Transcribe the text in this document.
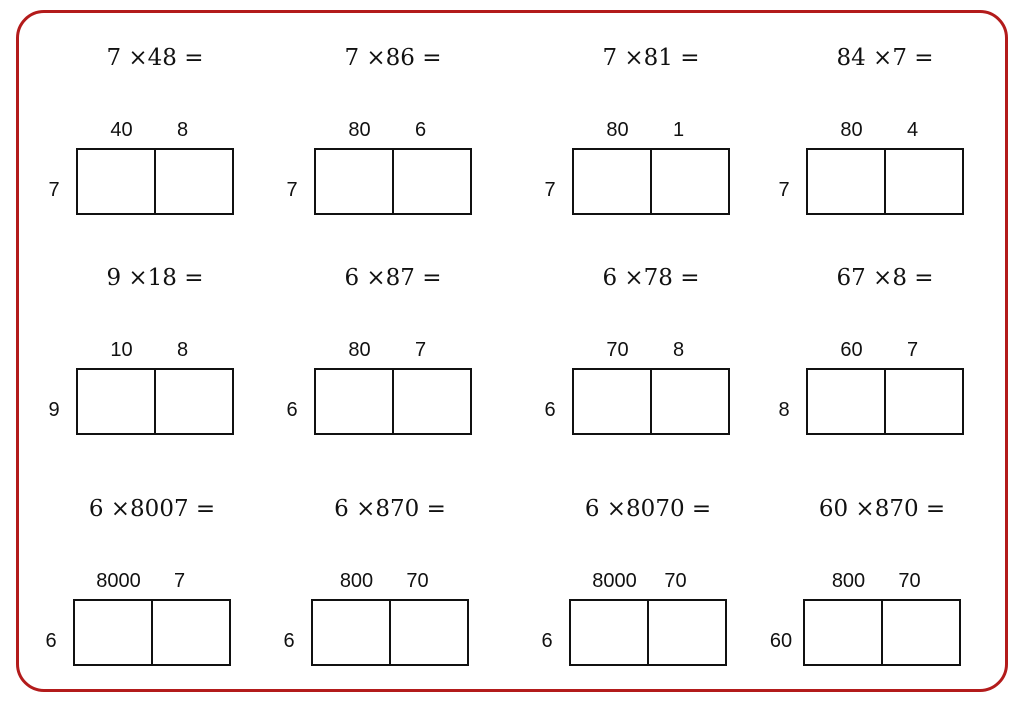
7 ×48 =
40	8
7
7 ×86 =
80	6
7
7 ×81 =
80	1
7
84 ×7 =
80	4
7
9 ×18 =
10	8
9
6 ×87 =
80	7
6
6 ×78 =
70	8
6
67 ×8 =
60	7
8
6 ×8007 =
8000	7
6
6 ×870 =
800	70
6
6 ×8070 =
8000	70
6
60 ×870 =
800	70
60
